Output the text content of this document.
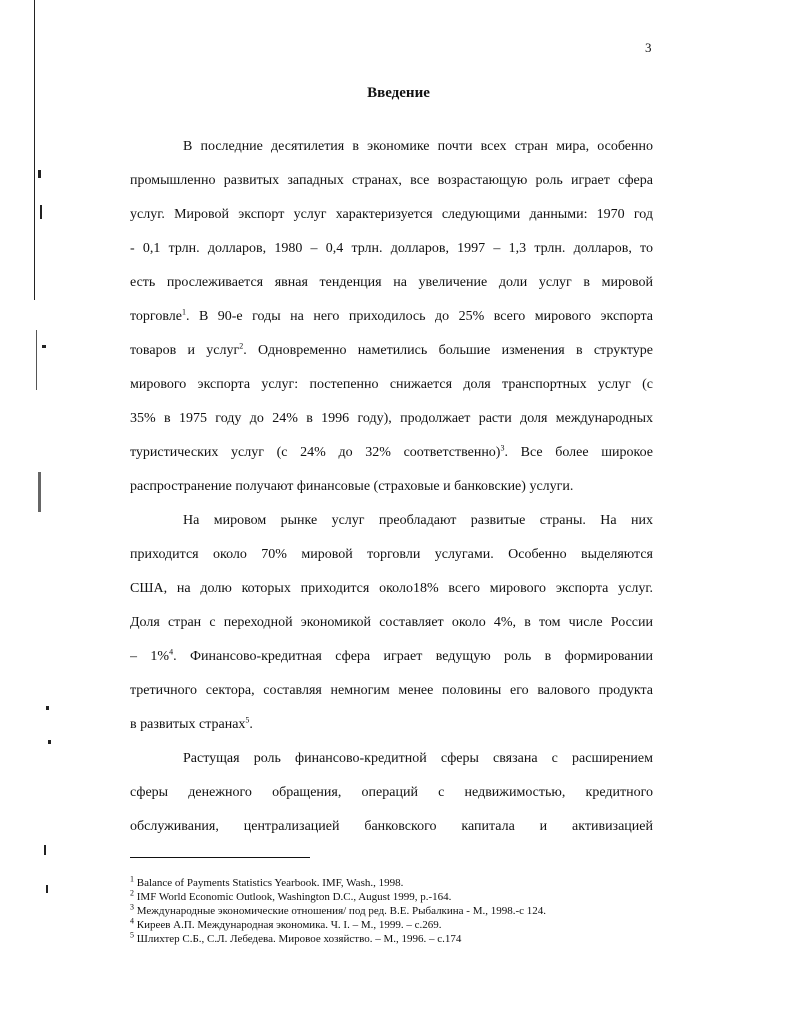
3
Введение
В последние десятилетия в экономике почти всех стран мира, особенно
промышленно развитых западных странах, все возрастающую роль играет сфера
услуг. Мировой экспорт услуг характеризуется следующими данными: 1970 год
- 0,1 трлн. долларов, 1980 – 0,4 трлн. долларов, 1997 – 1,3 трлн. долларов, то
есть прослеживается явная тенденция на увеличение доли услуг в мировой
торговле$^1$. В 90-е годы на него приходилось до 25% всего мирового экспорта
товаров и услуг$^2$. Одновременно наметились большие изменения в структуре
мирового экспорта услуг: постепенно снижается доля транспортных услуг (с
35% в 1975 году до 24% в 1996 году), продолжает расти доля международных
туристических услуг (с 24% до 32% соответственно)$^3$. Все более широкое
распространение получают финансовые (страховые и банковские) услуги.
На мировом рынке услуг преобладают развитые страны. На них
приходится около 70% мировой торговли услугами. Особенно выделяются
США, на долю которых приходится около18% всего мирового экспорта услуг.
Доля стран с переходной экономикой составляет около 4%, в том числе России
– 1%$^4$. Финансово-кредитная сфера играет ведущую роль в формировании
третичного сектора, составляя немногим менее половины его валового продукта
в развитых странах$^5$.
Растущая роль финансово-кредитной сферы связана с расширением
сферы денежного обращения, операций с недвижимостью, кредитного
обслуживания, централизацией банковского капитала и активизацией
$^1$ Balance of Payments Statistics Yearbook. IMF, Wash., 1998.
$^2$ IMF World Economic Outlook, Washington D.C., August 1999, p.-164.
$^3$ Международные экономические отношения/ под ред. В.Е. Рыбалкина - М., 1998.-с 124.
$^4$ Киреев А.П. Международная экономика. Ч. I. – М., 1999. – с.269.
$^5$ Шлихтер С.Б., С.Л. Лебедева. Мировое хозяйство. – М., 1996. – с.174
